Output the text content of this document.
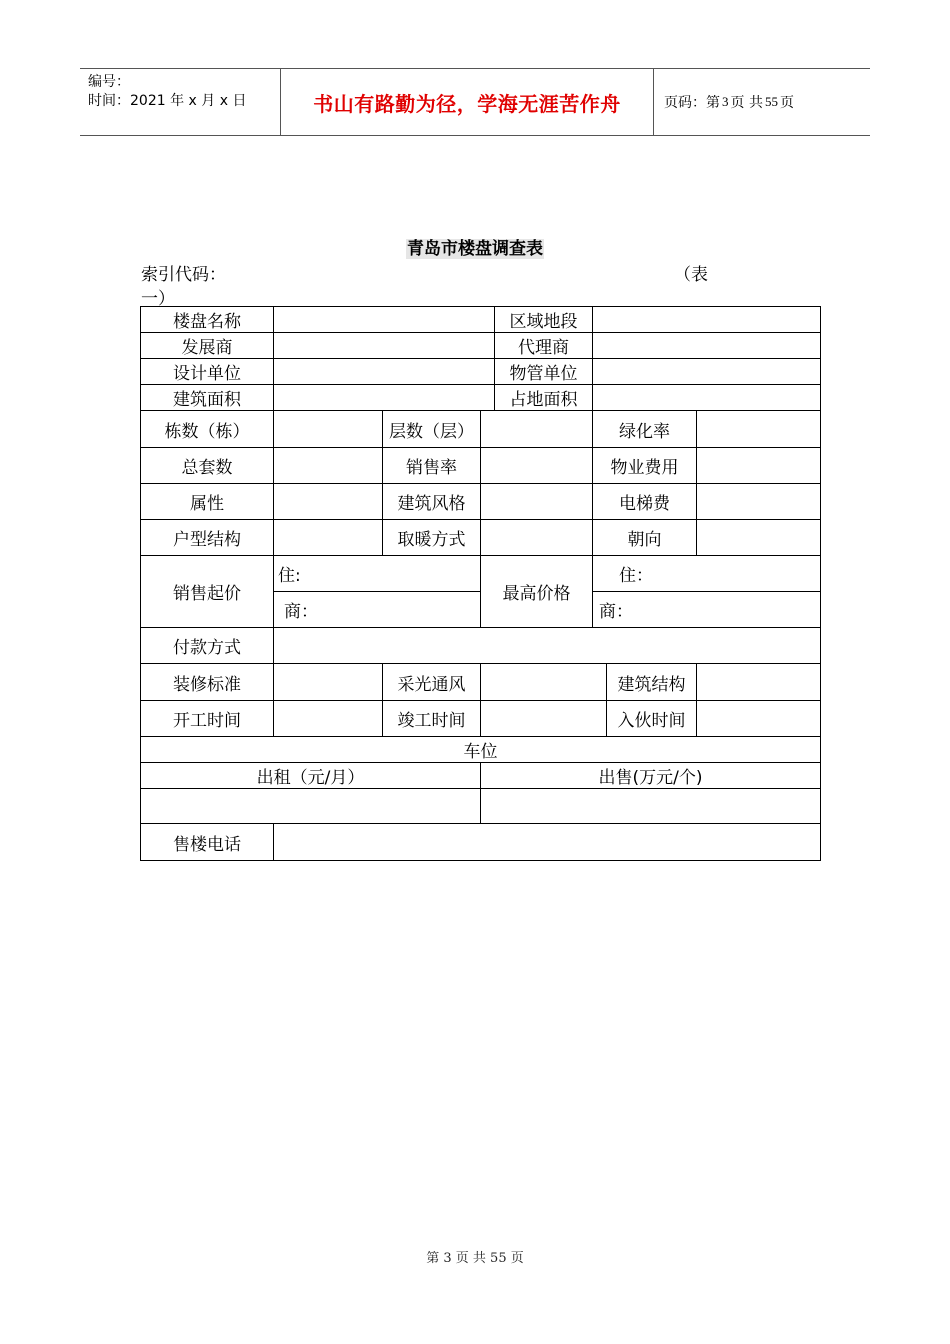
编号：
时间：2021 年 x 月 x 日	书山有路勤为径，学海无涯苦作舟	页码：第 3 页 共 55 页
青岛市楼盘调查表
索引代码：	（表
一）
楼盘名称				区域地段			
发展商				代理商			
设计单位				物管单位			
建筑面积				占地面积			
栋数（栋）		层数（层）			绿化率		
总套数		销售率			物业费用		
属性		建筑风格			电梯费		
户型结构		取暖方式			朝向		
销售起价	住:		最高价格		住：		
	商：				商：		
付款方式							
装修标准		采光通风				建筑结构	
开工时间		竣工时间				入伙时间	
车位							
出租（元/月）			出售(万元/个)				

售楼电话							
第 3 页 共 55 页
